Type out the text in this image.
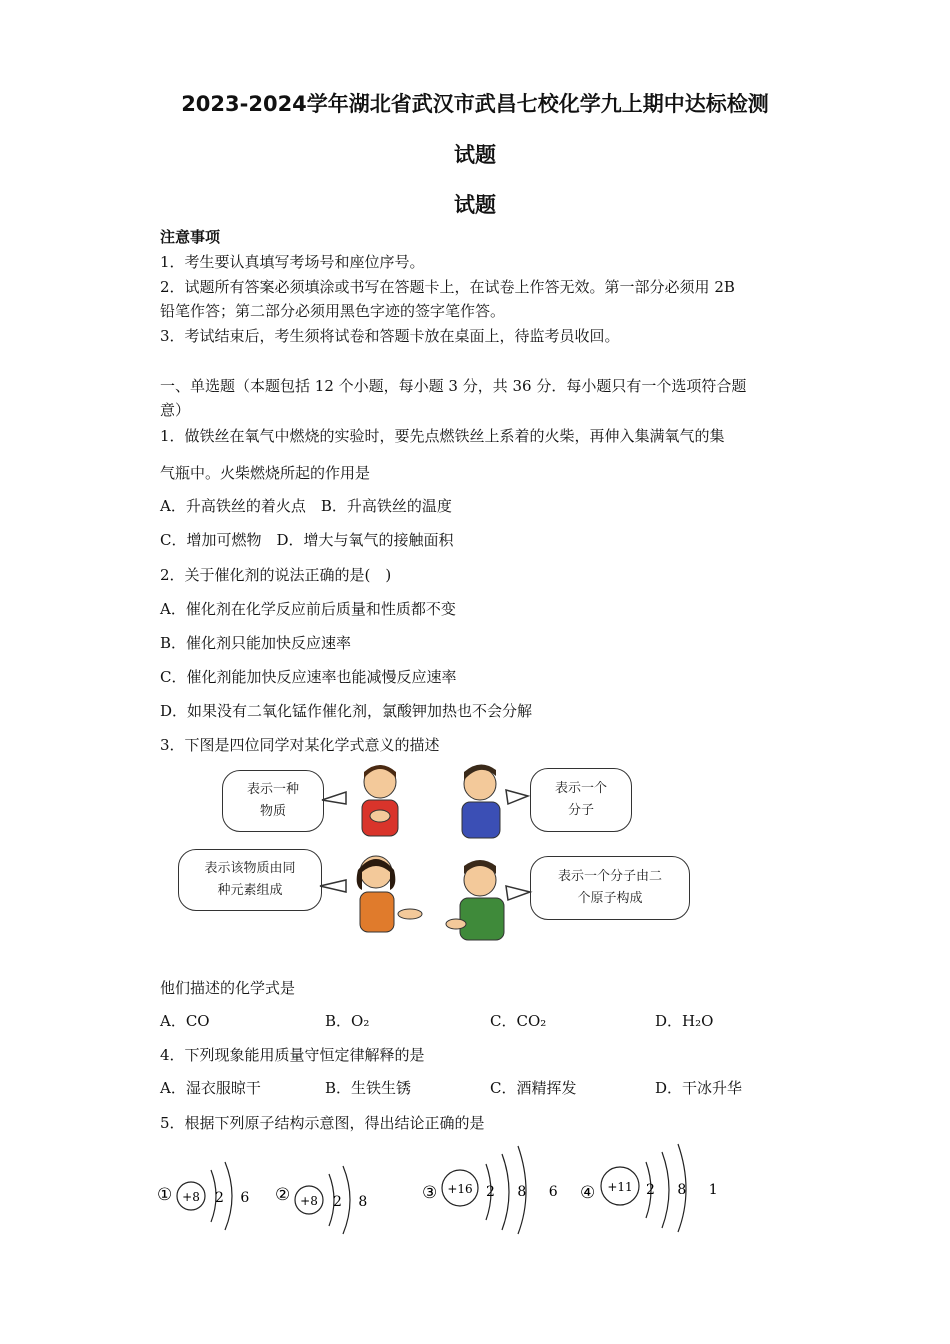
2023-2024学年湖北省武汉市武昌七校化学九上期中达标检测
试题
试题
注意事项
1．考生要认真填写考场号和座位序号。
2．试题所有答案必须填涂或书写在答题卡上，在试卷上作答无效。第一部分必须用 2B
铅笔作答；第二部分必须用黑色字迹的签字笔作答。
3．考试结束后，考生须将试卷和答题卡放在桌面上，待监考员收回。
一、单选题（本题包括 12 个小题，每小题 3 分，共 36 分．每小题只有一个选项符合题
意）
1．做铁丝在氧气中燃烧的实验时，要先点燃铁丝上系着的火柴，再伸入集满氧气的集
气瓶中。火柴燃烧所起的作用是
A．升高铁丝的着火点　B．升高铁丝的温度
C．增加可燃物　D．增大与氧气的接触面积
2．关于催化剂的说法正确的是(　)
A．催化剂在化学反应前后质量和性质都不变
B．催化剂只能加快反应速率
C．催化剂能加快反应速率也能减慢反应速率
D．如果没有二氧化锰作催化剂，氯酸钾加热也不会分解
3．下图是四位同学对某化学式意义的描述
表示一种
物质
表示一个
分子
表示该物质由同
种元素组成
表示一个分子由二
个原子构成
他们描述的化学式是
A．CO	B．O₂	C．CO₂	D．H₂O
4．下列现象能用质量守恒定律解释的是
A．湿衣服晾干	B．生铁生锈	C．酒精挥发	D．干冰升华
5．根据下列原子结构示意图，得出结论正确的是
① +8 2 6 ② +8 2 8	③ +16 2 8 6 ④ +11 2 8 1
